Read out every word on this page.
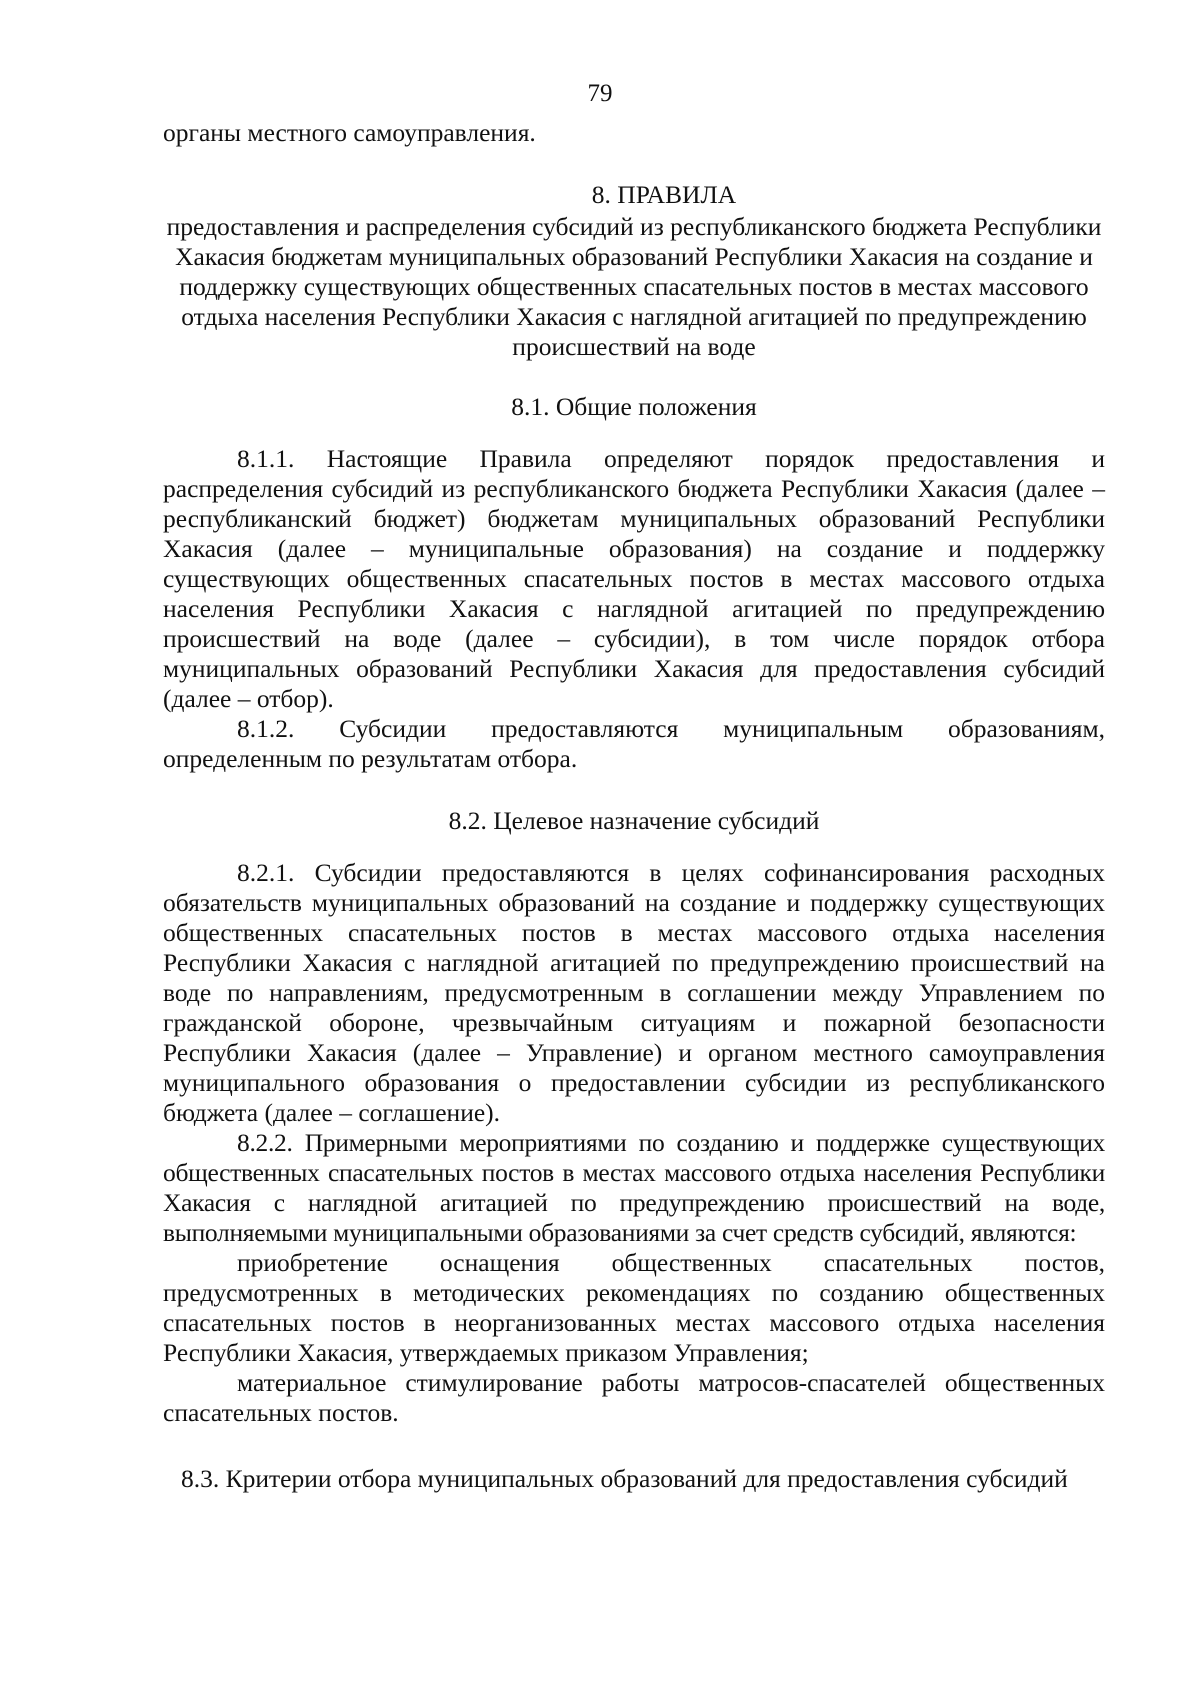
79

органы местного самоуправления.

8. ПРАВИЛА

предоставления и распределения субсидий из республиканского бюджета Республики Хакасия бюджетам муниципальных образований Республики Хакасия на создание и поддержку существующих общественных спасательных постов в местах массового отдыха населения Республики Хакасия с наглядной агитацией по предупреждению происшествий на воде

8.1. Общие положения

8.1.1. Настоящие Правила определяют порядок предоставления и распределения субсидий из республиканского бюджета Республики Хакасия (далее – республиканский бюджет) бюджетам муниципальных образований Республики Хакасия (далее – муниципальные образования) на создание и поддержку существующих общественных спасательных постов в местах массового отдыха населения Республики Хакасия с наглядной агитацией по предупреждению происшествий на воде (далее – субсидии), в том числе порядок отбора муниципальных образований Республики Хакасия для предоставления субсидий (далее – отбор).

8.1.2. Субсидии предоставляются муниципальным образованиям, определенным по результатам отбора.

8.2. Целевое назначение субсидий

8.2.1. Субсидии предоставляются в целях софинансирования расходных обязательств муниципальных образований на создание и поддержку существующих общественных спасательных постов в местах массового отдыха населения Республики Хакасия с наглядной агитацией по предупреждению происшествий на воде по направлениям, предусмотренным в соглашении между Управлением по гражданской обороне, чрезвычайным ситуациям и пожарной безопасности Республики Хакасия (далее – Управление) и органом местного самоуправления муниципального образования о предоставлении субсидии из республиканского бюджета (далее – соглашение).

8.2.2. Примерными мероприятиями по созданию и поддержке существующих общественных спасательных постов в местах массового отдыха населения Республики Хакасия с наглядной агитацией по предупреждению происшествий на воде, выполняемыми муниципальными образованиями за счет средств субсидий, являются:

приобретение оснащения общественных спасательных постов, предусмотренных в методических рекомендациях по созданию общественных спасательных постов в неорганизованных местах массового отдыха населения Республики Хакасия, утверждаемых приказом Управления;

материальное стимулирование работы матросов-спасателей общественных спасательных постов.

8.3. Критерии отбора муниципальных образований для предоставления субсидий
